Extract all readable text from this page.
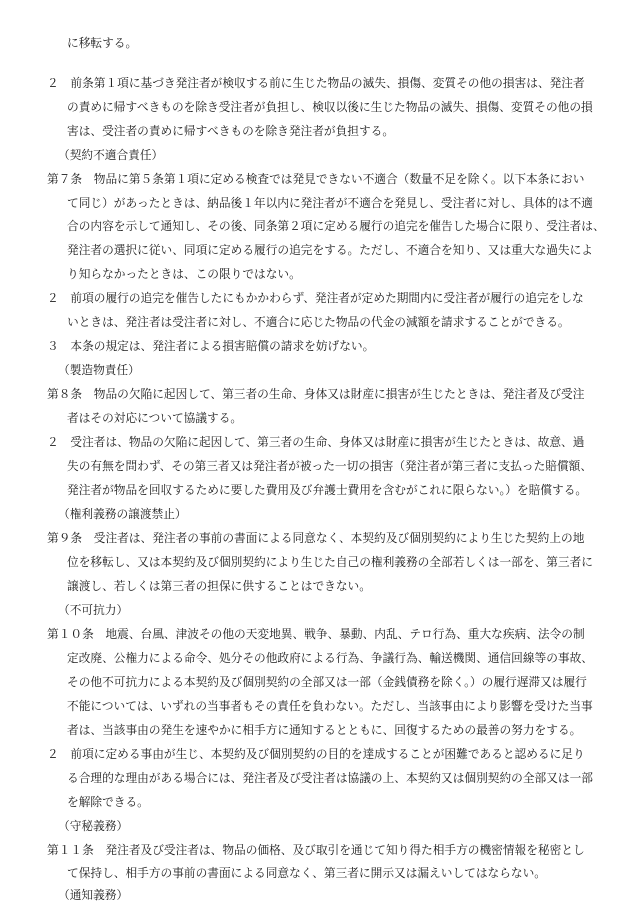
に移転する。

２　前条第１項に基づき発注者が検収する前に生じた物品の滅失、損傷、変質その他の損害は、発注者

の責めに帰すべきものを除き受注者が負担し、検収以後に生じた物品の滅失、損傷、変質その他の損

害は、受注者の責めに帰すべきものを除き発注者が負担する。

（契約不適合責任）

第７条　物品に第５条第１項に定める検査では発見できない不適合（数量不足を除く。以下本条におい

て同じ）があったときは、納品後１年以内に発注者が不適合を発見し、受注者に対し、具体的は不適

合の内容を示して通知し、その後、同条第２項に定める履行の追完を催告した場合に限り、受注者は、

発注者の選択に従い、同項に定める履行の追完をする。ただし、不適合を知り、又は重大な過失によ

り知らなかったときは、この限りではない。

２　前項の履行の追完を催告したにもかかわらず、発注者が定めた期間内に受注者が履行の追完をしな

いときは、発注者は受注者に対し、不適合に応じた物品の代金の減額を請求することができる。

３　本条の規定は、発注者による損害賠償の請求を妨げない。

（製造物責任）

第８条　物品の欠陥に起因して、第三者の生命、身体又は財産に損害が生じたときは、発注者及び受注

者はその対応について協議する。

２　受注者は、物品の欠陥に起因して、第三者の生命、身体又は財産に損害が生じたときは、故意、過

失の有無を問わず、その第三者又は発注者が被った一切の損害（発注者が第三者に支払った賠償額、

発注者が物品を回収するために要した費用及び弁護士費用を含むがこれに限らない。）を賠償する。

（権利義務の譲渡禁止）

第９条　受注者は、発注者の事前の書面による同意なく、本契約及び個別契約により生じた契約上の地

位を移転し、又は本契約及び個別契約により生じた自己の権利義務の全部若しくは一部を、第三者に

譲渡し、若しくは第三者の担保に供することはできない。

（不可抗力）

第１０条　地震、台風、津波その他の天変地異、戦争、暴動、内乱、テロ行為、重大な疾病、法令の制

定改廃、公権力による命令、処分その他政府による行為、争議行為、輸送機関、通信回線等の事故、

その他不可抗力による本契約及び個別契約の全部又は一部（金銭債務を除く。）の履行遅滞又は履行

不能については、いずれの当事者もその責任を負わない。ただし、当該事由により影響を受けた当事

者は、当該事由の発生を速やかに相手方に通知するとともに、回復するための最善の努力をする。

２　前項に定める事由が生じ、本契約及び個別契約の目的を達成することが困難であると認めるに足り

る合理的な理由がある場合には、発注者及び受注者は協議の上、本契約又は個別契約の全部又は一部

を解除できる。

（守秘義務）

第１１条　発注者及び受注者は、物品の価格、及び取引を通じて知り得た相手方の機密情報を秘密とし

て保持し、相手方の事前の書面による同意なく、第三者に開示又は漏えいしてはならない。

（通知義務）
